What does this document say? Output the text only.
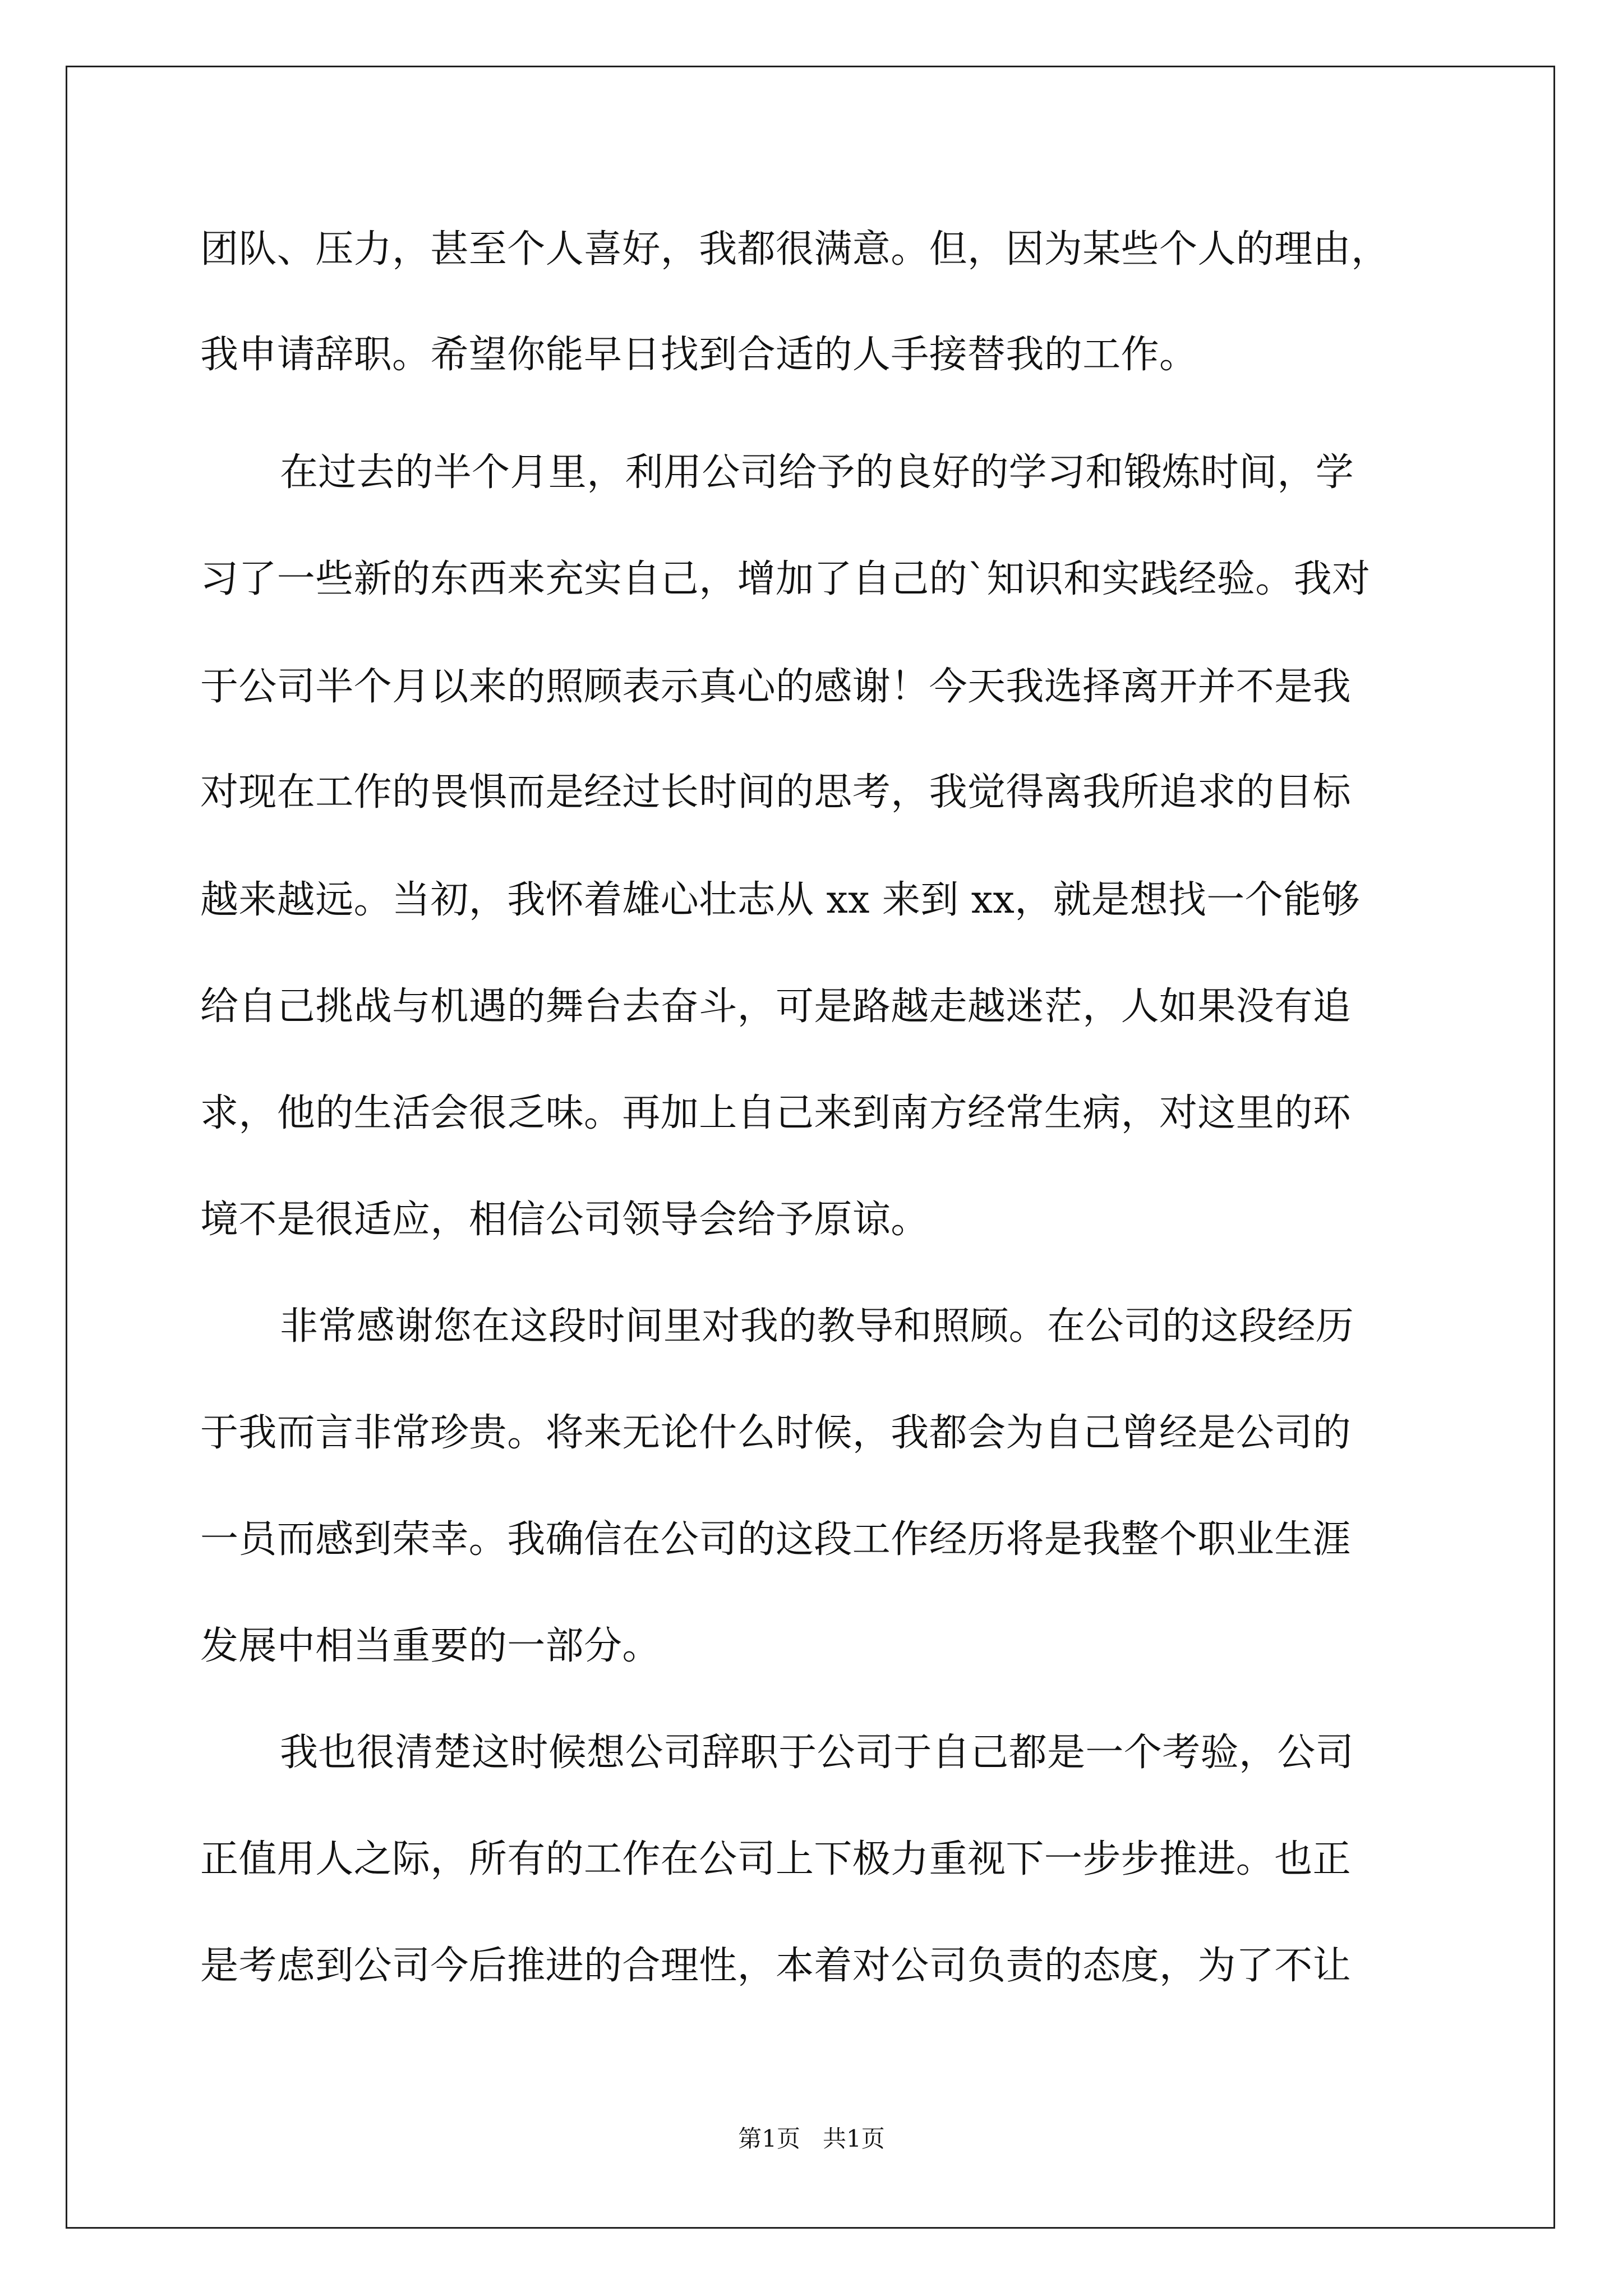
团队、压力，甚至个人喜好，我都很满意。但，因为某些个人的理由，
我申请辞职。希望你能早日找到合适的人手接替我的工作。
在过去的半个月里，利用公司给予的良好的学习和锻炼时间，学
习了一些新的东西来充实自己，增加了自己的`知识和实践经验。我对
于公司半个月以来的照顾表示真心的感谢！今天我选择离开并不是我
对现在工作的畏惧而是经过长时间的思考，我觉得离我所追求的目标
越来越远。当初，我怀着雄心壮志从 xx 来到 xx，就是想找一个能够
给自己挑战与机遇的舞台去奋斗，可是路越走越迷茫，人如果没有追
求，他的生活会很乏味。再加上自己来到南方经常生病，对这里的环
境不是很适应，相信公司领导会给予原谅。
非常感谢您在这段时间里对我的教导和照顾。在公司的这段经历
于我而言非常珍贵。将来无论什么时候，我都会为自己曾经是公司的
一员而感到荣幸。我确信在公司的这段工作经历将是我整个职业生涯
发展中相当重要的一部分。
我也很清楚这时候想公司辞职于公司于自己都是一个考验，公司
正值用人之际，所有的工作在公司上下极力重视下一步步推进。也正
是考虑到公司今后推进的合理性，本着对公司负责的态度，为了不让
第1页   共1页
